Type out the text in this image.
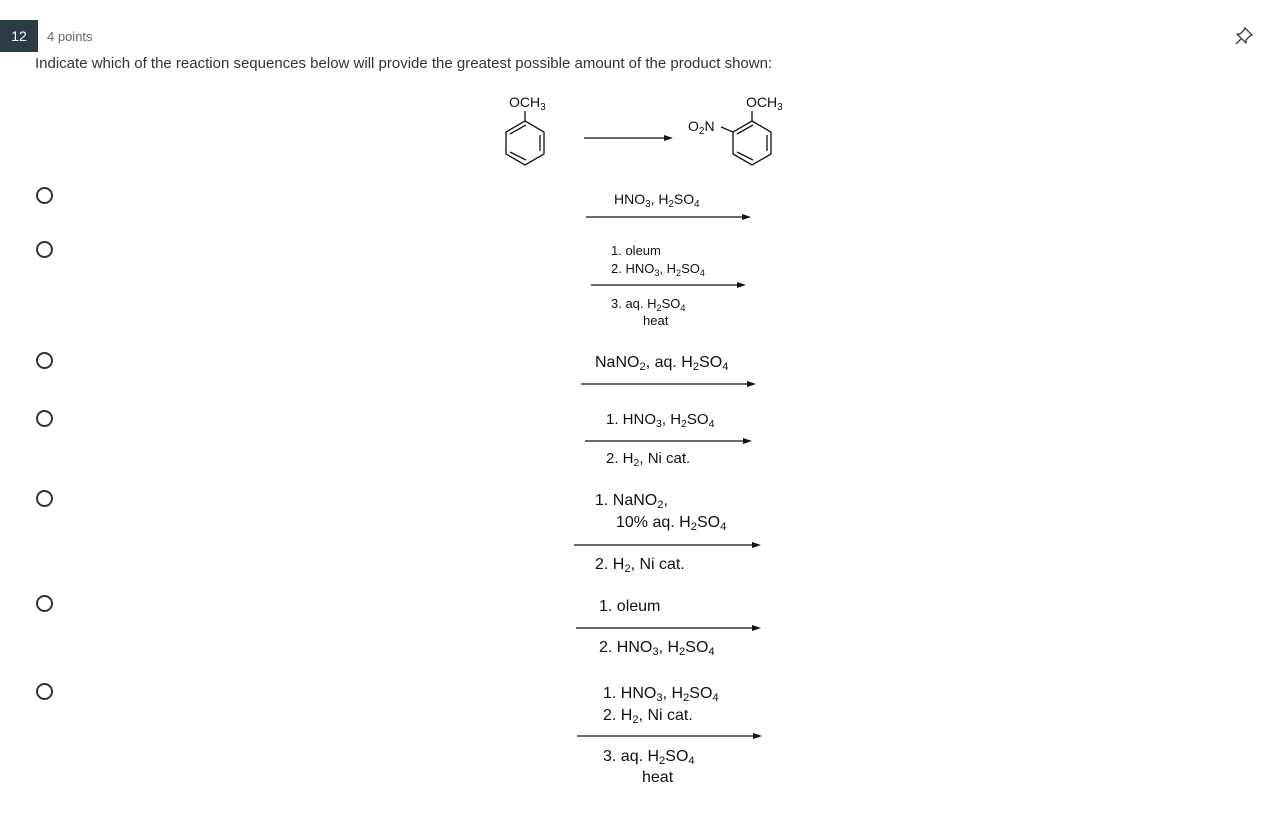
12	4 points
Indicate which of the reaction sequences below will provide the greatest possible amount of the product shown:
$OCH_3$	$OCH_3$
$O_2N$
$HNO_3$, $H_2SO_4$
1. oleum
2. $HNO_3$, $H_2SO_4$
3. aq. $H_2SO_4$
heat
NaNO$_2$, aq. $H_2SO_4$
1. $HNO_3$, $H_2SO_4$
2. $H_2$, Ni cat.
1. NaNO$_2$,
10% aq. $H_2SO_4$
2. $H_2$, Ni cat.
1. oleum
2. $HNO_3$, $H_2SO_4$
1. $HNO_3$, $H_2SO_4$
2. $H_2$, Ni cat.
3. aq. $H_2SO_4$
heat
